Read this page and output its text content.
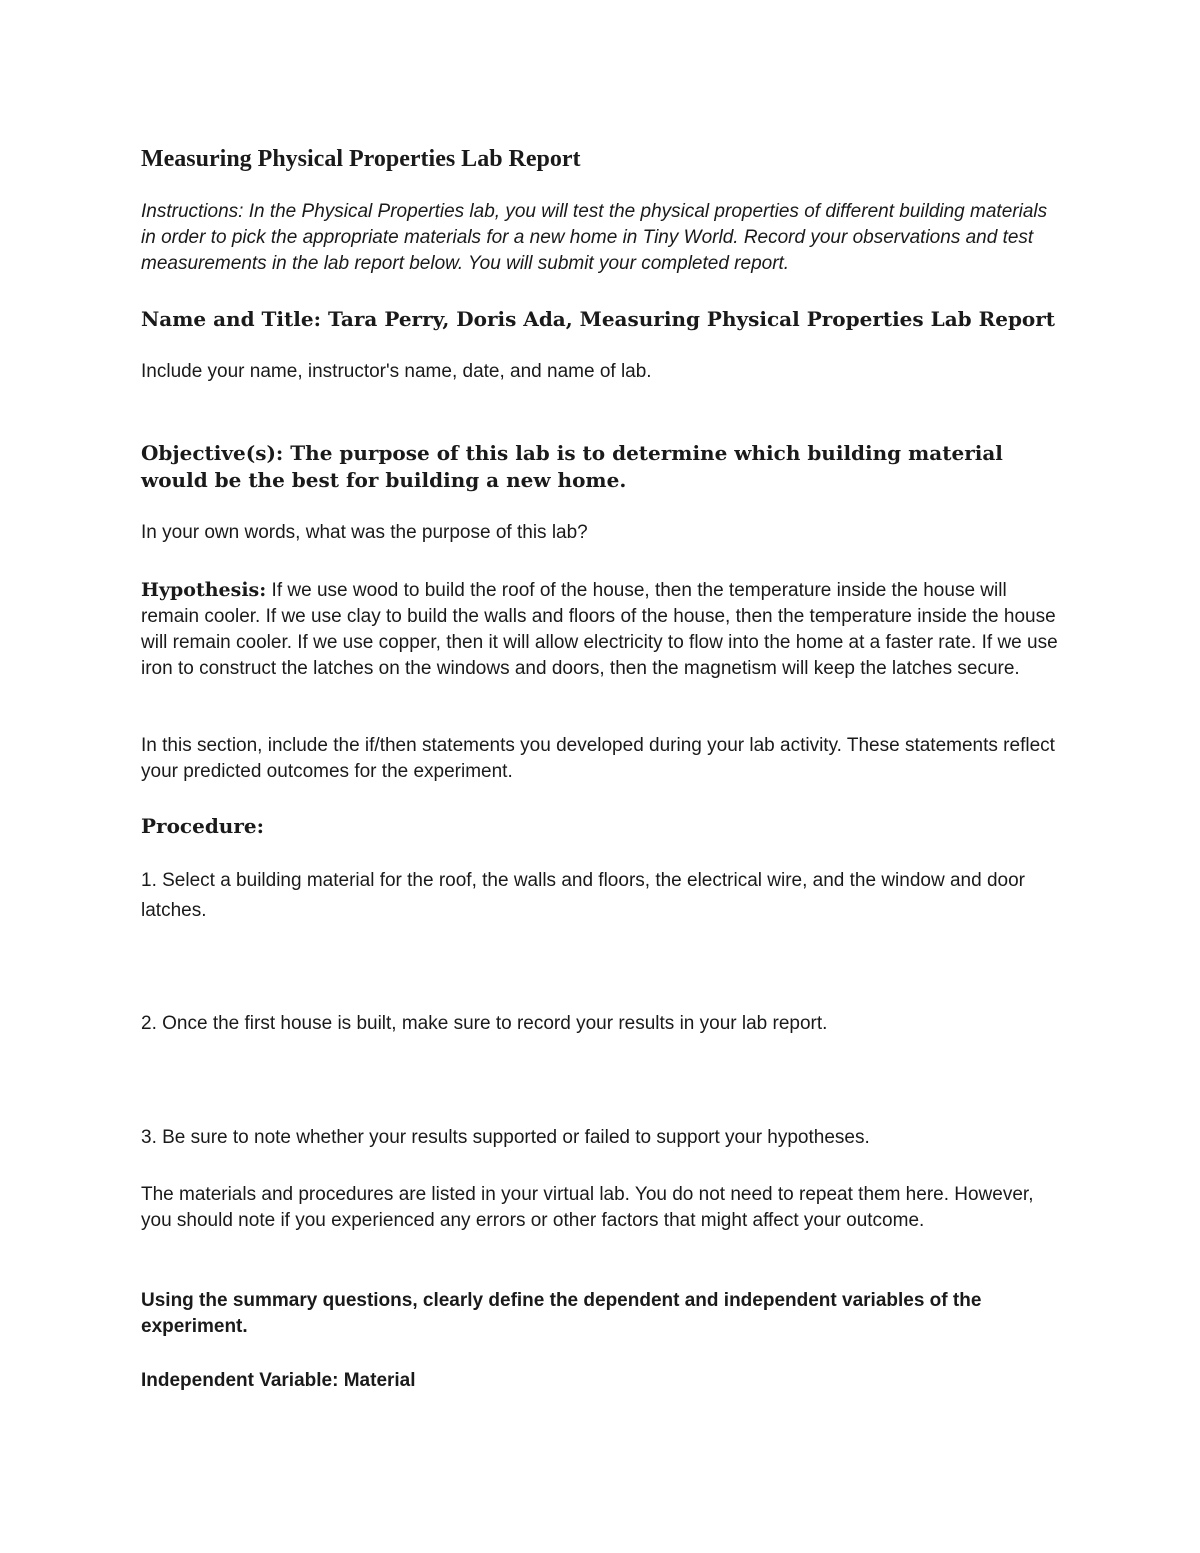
Measuring Physical Properties Lab Report

Instructions: In the Physical Properties lab, you will test the physical properties of different building materials in order to pick the appropriate materials for a new home in Tiny World. Record your observations and test measurements in the lab report below. You will submit your completed report.

Name and Title: Tara Perry, Doris Ada, Measuring Physical Properties Lab Report

Include your name, instructor's name, date, and name of lab.

Objective(s): The purpose of this lab is to determine which building material would be the best for building a new home.

In your own words, what was the purpose of this lab?

Hypothesis: If we use wood to build the roof of the house, then the temperature inside the house will remain cooler. If we use clay to build the walls and floors of the house, then the temperature inside the house will remain cooler. If we use copper, then it will allow electricity to flow into the home at a faster rate. If we use iron to construct the latches on the windows and doors, then the magnetism will keep the latches secure.

In this section, include the if/then statements you developed during your lab activity. These statements reflect your predicted outcomes for the experiment.

Procedure:

1. Select a building material for the roof, the walls and floors, the electrical wire, and the window and door latches.

2. Once the first house is built, make sure to record your results in your lab report.

3. Be sure to note whether your results supported or failed to support your hypotheses.

The materials and procedures are listed in your virtual lab. You do not need to repeat them here. However, you should note if you experienced any errors or other factors that might affect your outcome.

Using the summary questions, clearly define the dependent and independent variables of the experiment.

Independent Variable: Material
